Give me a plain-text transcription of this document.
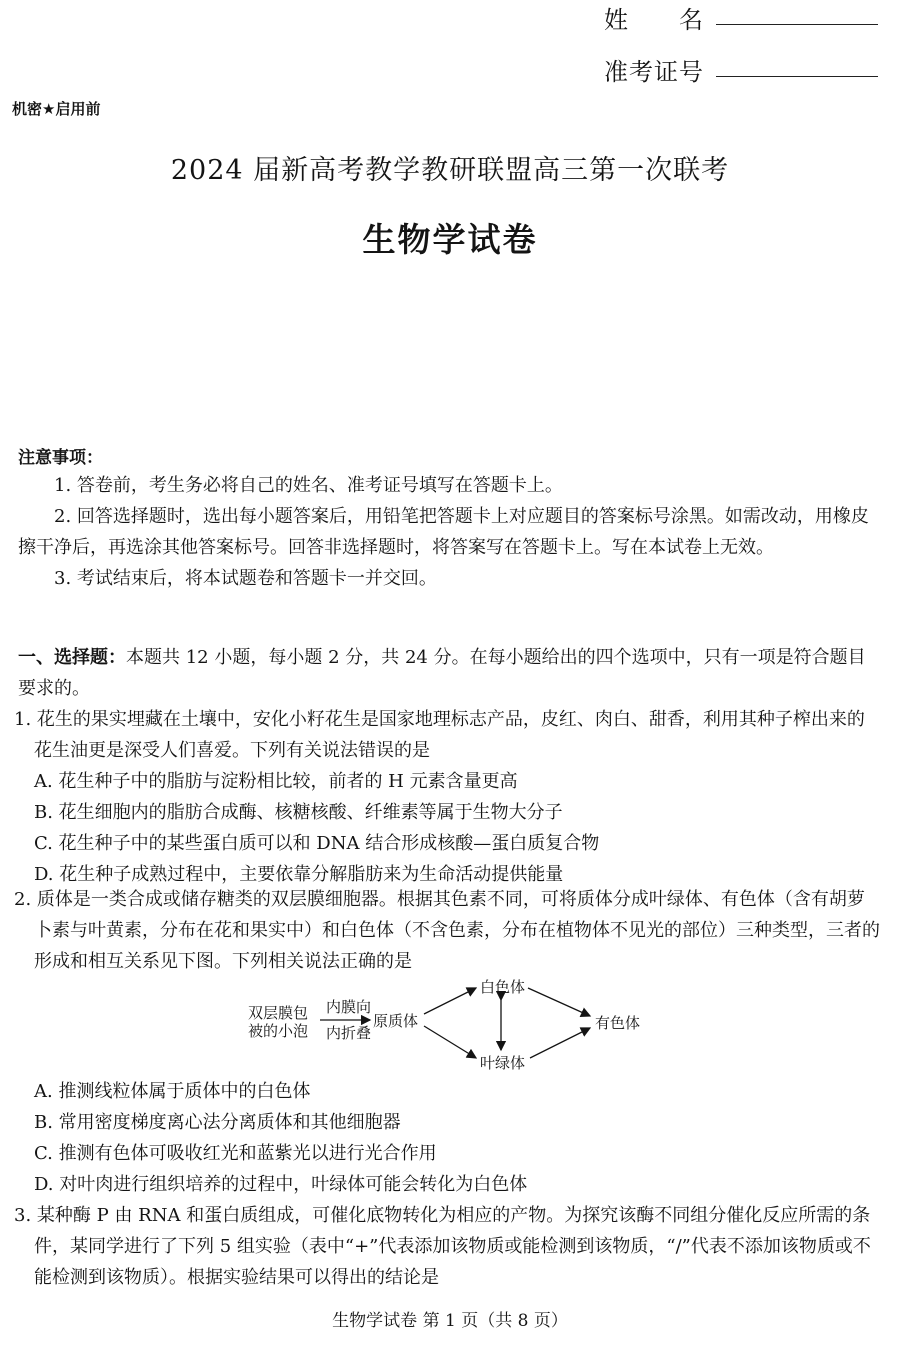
姓　　名
准考证号
机密★启用前
2024 届新高考教学教研联盟高三第一次联考
生物学试卷
注意事项：

1. 答卷前，考生务必将自己的姓名、准考证号填写在答题卡上。

2. 回答选择题时，选出每小题答案后，用铅笔把答题卡上对应题目的答案标号涂黑。如需改动，用橡皮擦干净后，再选涂其他答案标号。回答非选择题时，将答案写在答题卡上。写在本试卷上无效。

3. 考试结束后，将本试题卷和答题卡一并交回。

一、选择题：本题共 12 小题，每小题 2 分，共 24 分。在每小题给出的四个选项中，只有一项是符合题目要求的。

1. 花生的果实埋藏在土壤中，安化小籽花生是国家地理标志产品，皮红、肉白、甜香，利用其种子榨出来的花生油更是深受人们喜爱。下列有关说法错误的是

A. 花生种子中的脂肪与淀粉相比较，前者的 H 元素含量更高

B. 花生细胞内的脂肪合成酶、核糖核酸、纤维素等属于生物大分子

C. 花生种子中的某些蛋白质可以和 DNA 结合形成核酸—蛋白质复合物

D. 花生种子成熟过程中，主要依靠分解脂肪来为生命活动提供能量

2. 质体是一类合成或储存糖类的双层膜细胞器。根据其色素不同，可将质体分成叶绿体、有色体（含有胡萝卜素与叶黄素，分布在花和果实中）和白色体（不含色素，分布在植物体不见光的部位）三种类型，三者的形成和相互关系见下图。下列相关说法正确的是

双层膜包
被的小泡
内膜向
内折叠
原质体
白色体
叶绿体
有色体

A. 推测线粒体属于质体中的白色体

B. 常用密度梯度离心法分离质体和其他细胞器

C. 推测有色体可吸收红光和蓝紫光以进行光合作用

D. 对叶肉进行组织培养的过程中，叶绿体可能会转化为白色体

3. 某种酶 P 由 RNA 和蛋白质组成，可催化底物转化为相应的产物。为探究该酶不同组分催化反应所需的条件，某同学进行了下列 5 组实验（表中“+”代表添加该物质或能检测到该物质，“/”代表不添加该物质或不能检测到该物质）。根据实验结果可以得出的结论是

生物学试卷 第 1 页（共 8 页）
